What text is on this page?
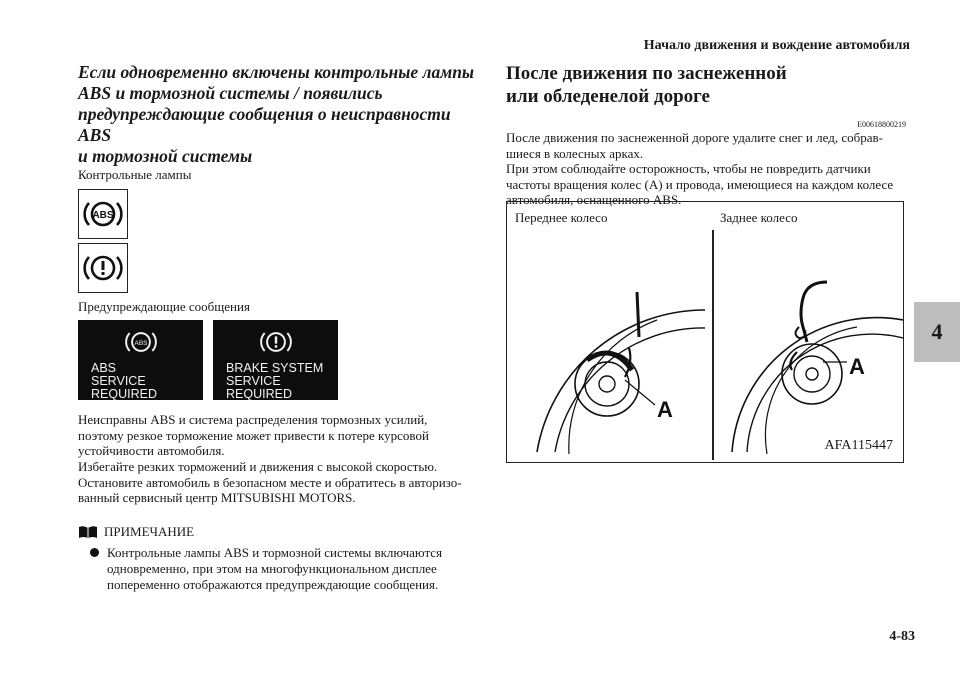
Начало движения и вождение автомобиля
4-83
4
Если одновременно включены контрольные лампы
ABS и тормозной системы / появились
предупреждающие сообщения о неисправности ABS
и тормозной системы
Контрольные лампы
ABS
Предупреждающие сообщения
ABS
ABS
SERVICE REQUIRED
BRAKE SYSTEM
SERVICE REQUIRED
Неисправны ABS и система распределения тормозных усилий,
поэтому резкое торможение может привести к потере курсовой
устойчивости автомобиля.
Избегайте резких торможений и движения с высокой скоростью.
Остановите автомобиль в безопасном месте и обратитесь в авторизо-
ванный сервисный центр MITSUBISHI MOTORS.
ПРИМЕЧАНИЕ
Контрольные лампы ABS и тормозной системы включаются
одновременно, при этом на многофункциональном дисплее
попеременно отображаются предупреждающие сообщения.
После движения по заснеженной
или обледенелой дороге
E00618800219
После движения по заснеженной дороге удалите снег и лед, собрав-
шиеся в колесных арках.
При этом соблюдайте осторожность, чтобы не повредить датчики
частоты вращения колес (A) и провода, имеющиеся на каждом колесе
автомобиля, оснащенного ABS.
Переднее колесо	Заднее колесо
A
A
AFA115447
